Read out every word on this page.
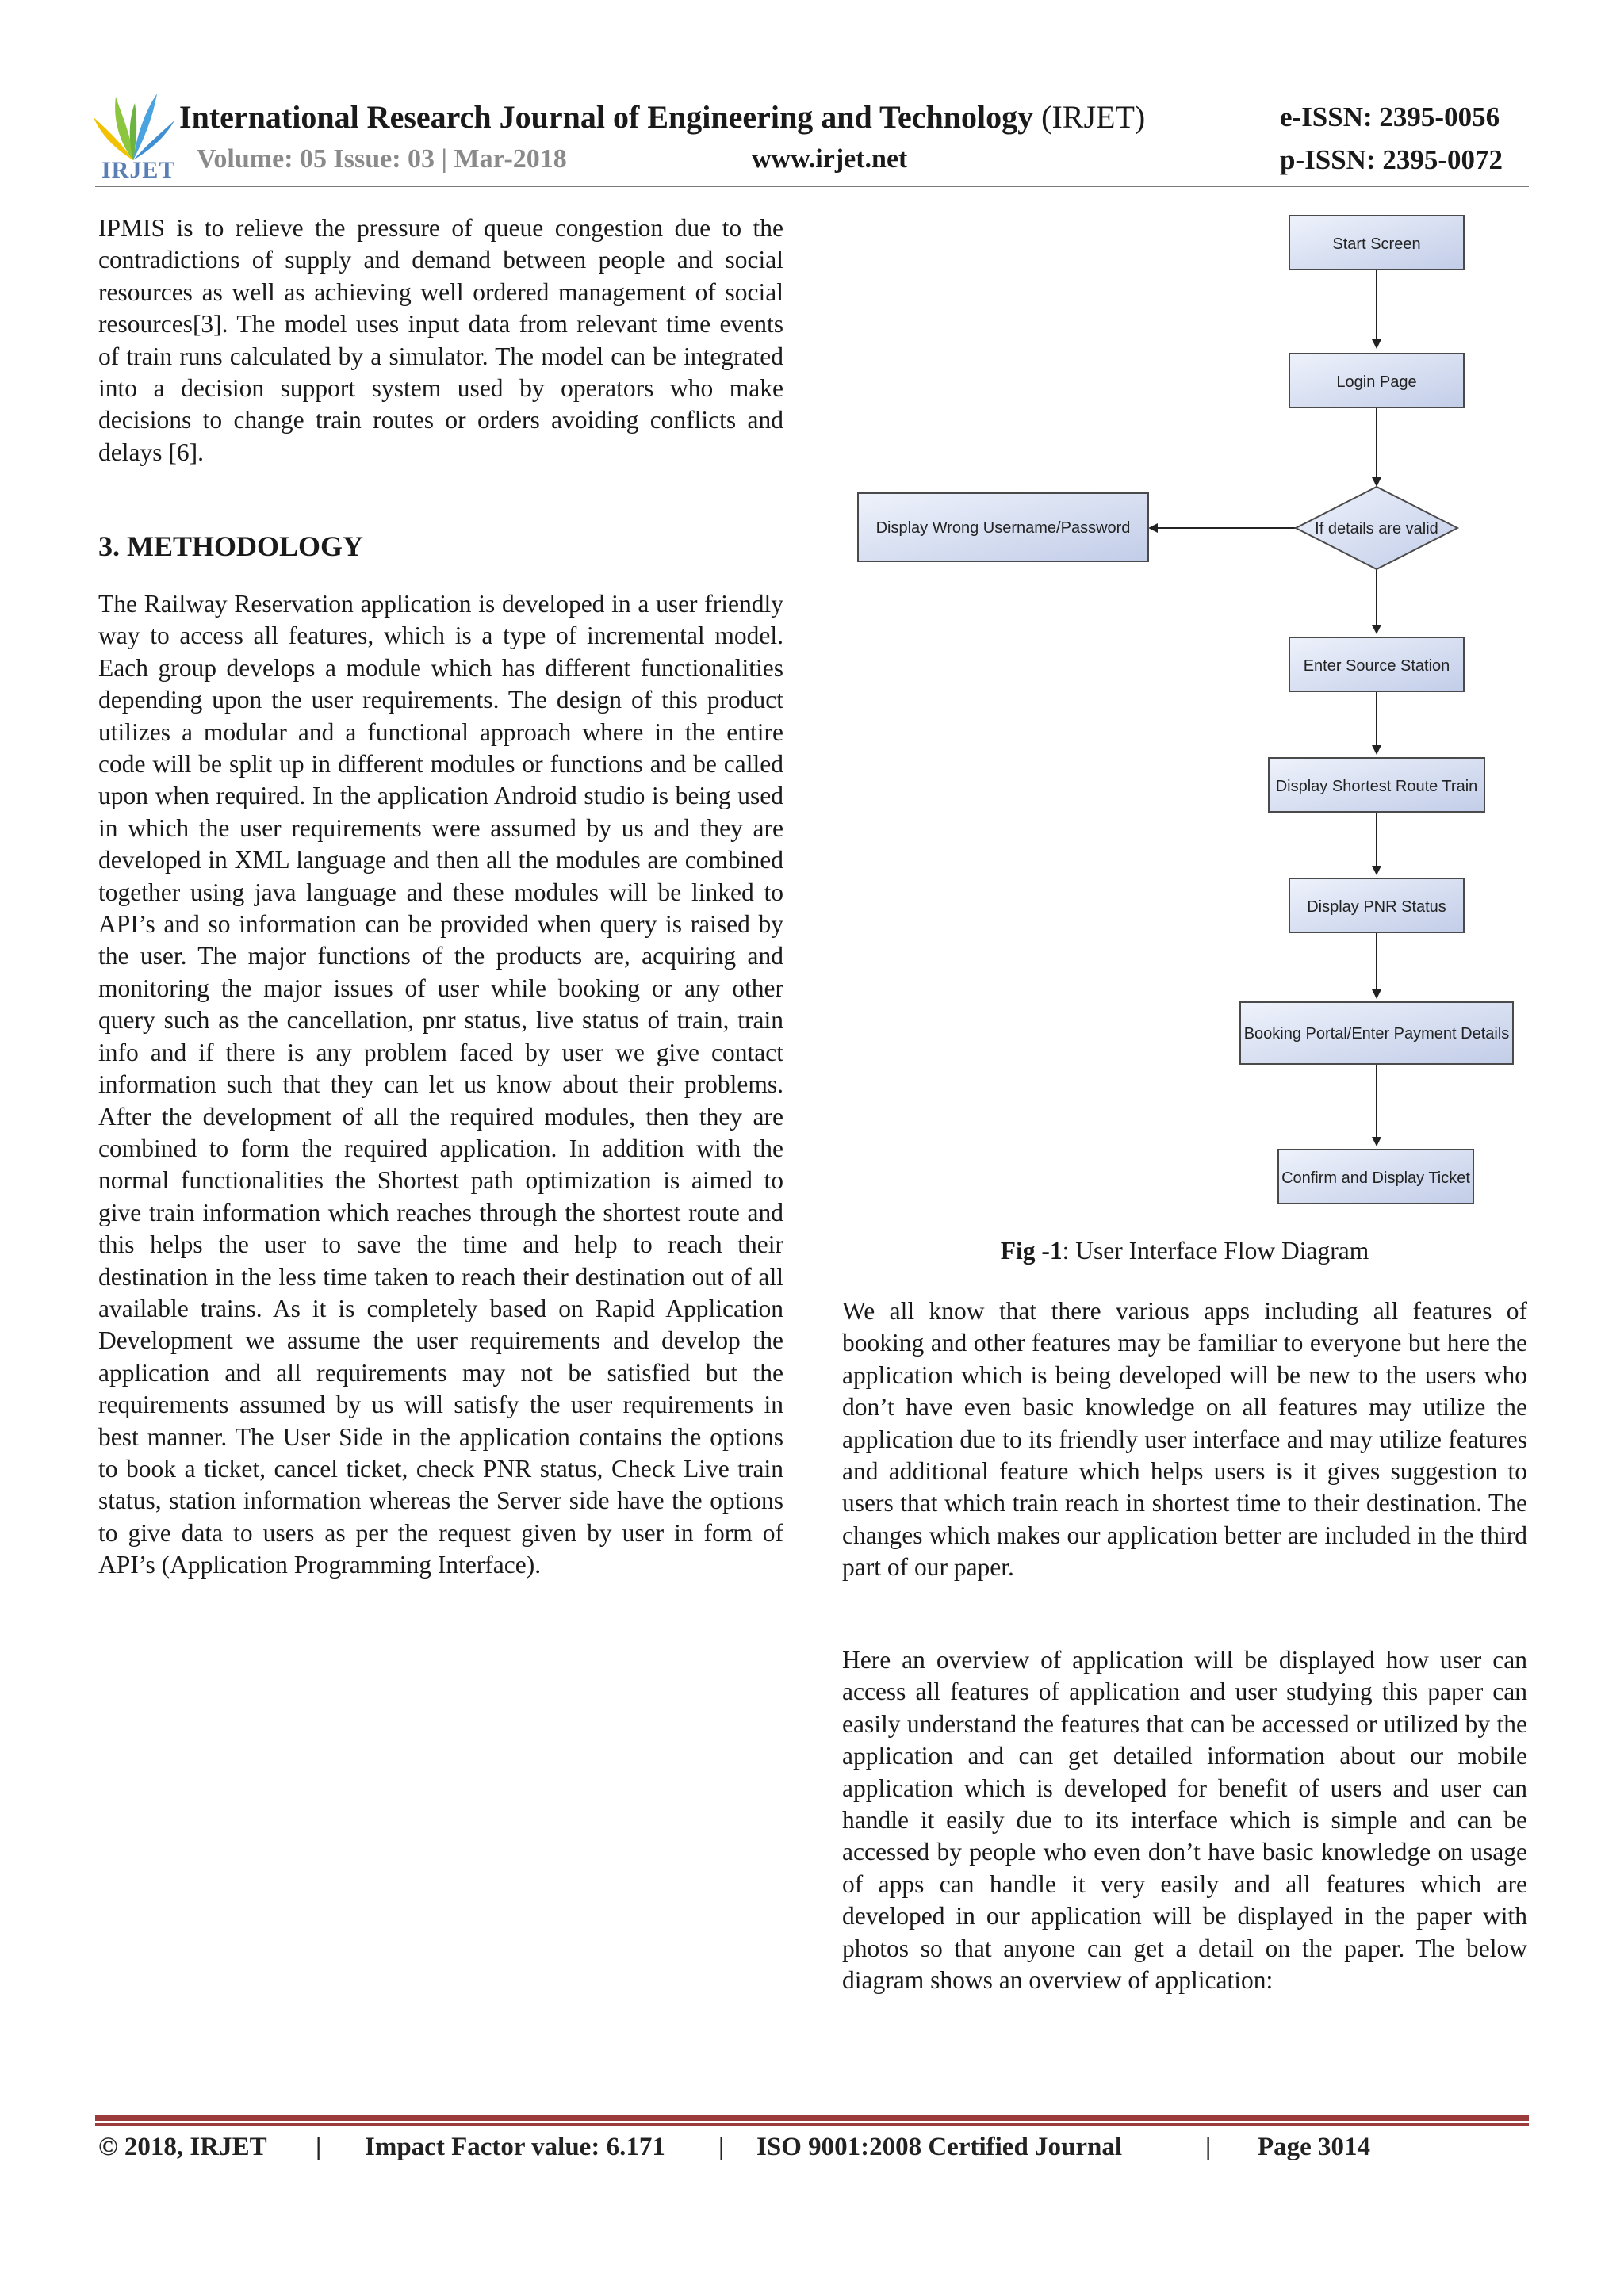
IRJET
International Research Journal of Engineering and Technology (IRJET)
Volume: 05 Issue: 03 | Mar-2018	www.irjet.net
e-ISSN: 2395-0056
p-ISSN: 2395-0072

IPMIS is to relieve the pressure of queue congestion due to the contradictions of supply and demand between people and social resources as well as achieving well ordered management of social resources[3]. The model uses input data from relevant time events of train runs calculated by a simulator. The model can be integrated into a decision support system used by operators who make decisions to change train routes or orders avoiding conflicts and delays [6].

3. METHODOLOGY

The Railway Reservation application is developed in a user friendly way to access all features, which is a type of incremental model. Each group develops a module which has different functionalities depending upon the user requirements. The design of this product utilizes a modular and a functional approach where in the entire code will be split up in different modules or functions and be called upon when required. In the application Android studio is being used in which the user requirements were assumed by us and they are developed in XML language and then all the modules are combined together using java language and these modules will be linked to API’s and so information can be provided when query is raised by the user. The major functions of the products are, acquiring and monitoring the major issues of user while booking or any other query such as the cancellation, pnr status, live status of train, train info and if there is any problem faced by user we give contact information such that they can let us know about their problems. After the development of all the required modules, then they are combined to form the required application. In addition with the normal functionalities the Shortest path optimization is aimed to give train information which reaches through the shortest route and this helps the user to save the time and help to reach their destination in the less time taken to reach their destination out of all available trains. As it is completely based on Rapid Application Development we assume the user requirements and develop the application and all requirements may not be satisfied but the requirements assumed by us will satisfy the user requirements in best manner. The User Side in the application contains the options to book a ticket, cancel ticket, check PNR status, Check Live train status, station information whereas the Server side have the options to give data to users as per the request given by user in form of API’s (Application Programming Interface).

Start Screen
Login Page
If details are valid
Display Wrong Username/Password
Enter Source Station
Display Shortest Route Train
Display PNR Status
Booking Portal/Enter Payment Details
Confirm and Display Ticket
Fig -1: User Interface Flow Diagram

We all know that there various apps including all features of booking and other features may be familiar to everyone but here the application which is being developed will be new to the users who don’t have even basic knowledge on all features may utilize the application due to its friendly user interface and may utilize features and additional feature which helps users is it gives suggestion to users that which train reach in shortest time to their destination. The changes which makes our application better are included in the third part of our paper.

Here an overview of application will be displayed how user can access all features of application and user studying this paper can easily understand the features that can be accessed or utilized by the application and can get detailed information about our mobile application which is developed for benefit of users and user can handle it easily due to its interface which is simple and can be accessed by people who even don’t have basic knowledge on usage of apps can handle it very easily and all features which are developed in our application will be displayed in the paper with photos so that anyone can get a detail on the paper. The below diagram shows an overview of application:

© 2018, IRJET | Impact Factor value: 6.171 | ISO 9001:2008 Certified Journal	| Page 3014
